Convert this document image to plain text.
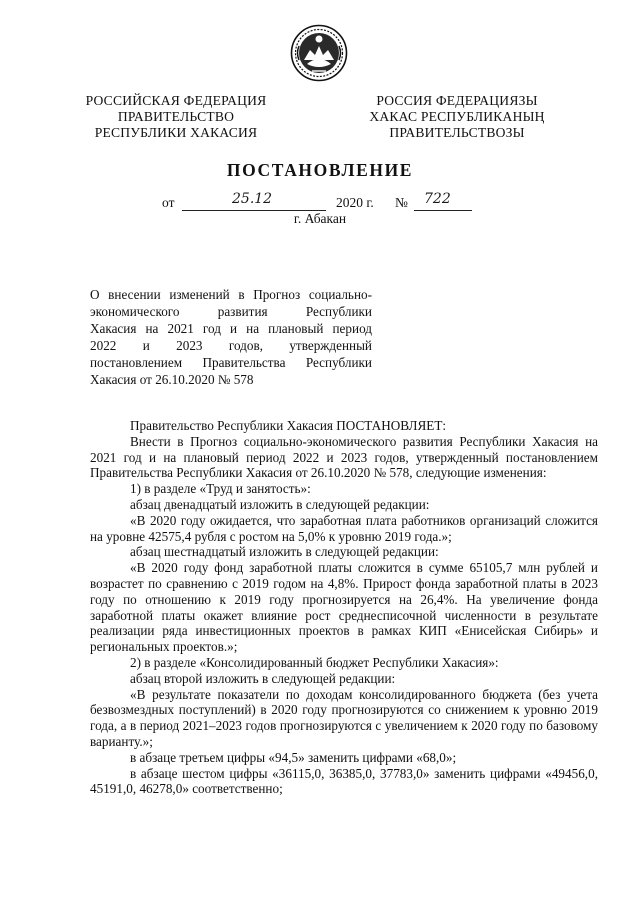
РОССИЙСКАЯ ФЕДЕРАЦИЯ
ПРАВИТЕЛЬСТВО
РЕСПУБЛИКИ ХАКАСИЯ
РОССИЯ ФЕДЕРАЦИЯЗЫ
ХАКАС РЕСПУБЛИКАНЫҢ
ПРАВИТЕЛЬСТВОЗЫ
ПОСТАНОВЛЕНИЕ
от	25.12	2020 г. № 722
г. Абакан

О внесении изменений в Прогноз социально-

экономического развития Республики

Хакасия на 2021 год и на плановый период

2022 и 2023 годов, утвержденный

постановлением Правительства Республики

Хакасия от 26.10.2020 № 578

Правительство Республики Хакасия ПОСТАНОВЛЯЕТ:

Внести в Прогноз социально-экономического развития Республики Хакасия на 2021 год и на плановый период 2022 и 2023 годов, утвержденный постановлением Правительства Республики Хакасия от 26.10.2020 № 578, следующие изменения:

1) в разделе «Труд и занятость»:

абзац двенадцатый изложить в следующей редакции:

«В 2020 году ожидается, что заработная плата работников организаций сложится на уровне 42575,4 рубля с ростом на 5,0% к уровню 2019 года.»;

абзац шестнадцатый изложить в следующей редакции:

«В 2020 году фонд заработной платы сложится в сумме 65105,7 млн рублей и возрастет по сравнению с 2019 годом на 4,8%. Прирост фонда заработной платы в 2023 году по отношению к 2019 году прогнозируется на 26,4%. На увеличение фонда заработной платы окажет влияние рост среднесписочной численности в результате реализации ряда инвестиционных проектов в рамках КИП «Енисейская Сибирь» и региональных проектов.»;

2) в разделе «Консолидированный бюджет Республики Хакасия»:

абзац второй изложить в следующей редакции:

«В результате показатели по доходам консолидированного бюджета (без учета безвозмездных поступлений) в 2020 году прогнозируются со снижением к уровню 2019 года, а в период 2021–2023 годов прогнозируются с увеличением к 2020 году по базовому варианту.»;

в абзаце третьем цифры «94,5» заменить цифрами «68,0»;

в абзаце шестом цифры «36115,0, 36385,0, 37783,0» заменить цифрами «49456,0, 45191,0, 46278,0» соответственно;
